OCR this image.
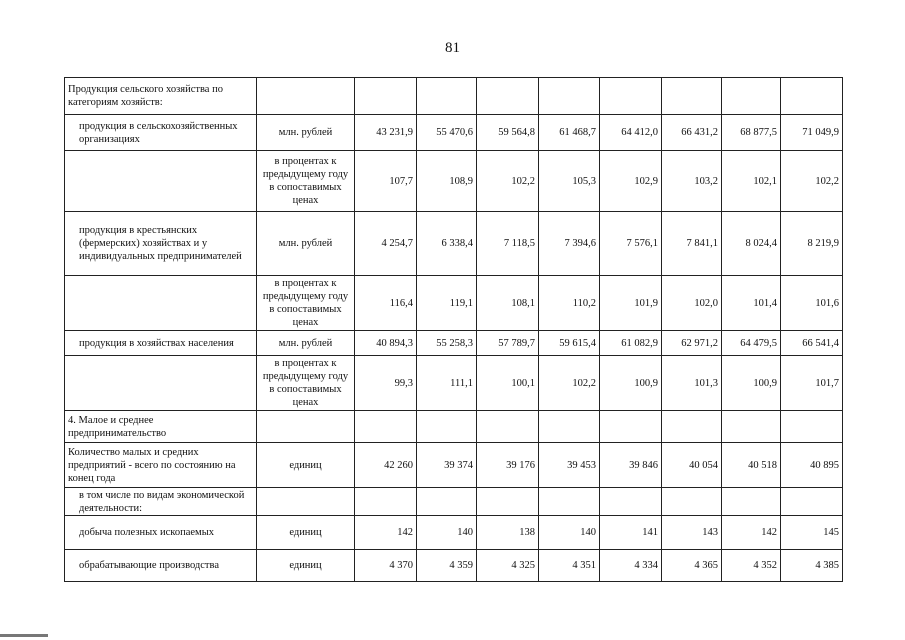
81
Продукция сельского хозяйства по категориям хозяйств:									
продукция в сельскохозяйственных организациях	млн. рублей	43 231,9	55 470,6	59 564,8	61 468,7	64 412,0	66 431,2	68 877,5	71 049,9
	в процентах к предыдущему году в сопоставимых ценах	107,7	108,9	102,2	105,3	102,9	103,2	102,1	102,2
продукция в крестьянских (фермерских) хозяйствах и у индивидуальных предпринимателей	млн. рублей	4 254,7	6 338,4	7 118,5	7 394,6	7 576,1	7 841,1	8 024,4	8 219,9
	в процентах к предыдущему году в сопоставимых ценах	116,4	119,1	108,1	110,2	101,9	102,0	101,4	101,6
продукция в хозяйствах населения	млн. рублей	40 894,3	55 258,3	57 789,7	59 615,4	61 082,9	62 971,2	64 479,5	66 541,4
	в процентах к предыдущему году в сопоставимых ценах	99,3	111,1	100,1	102,2	100,9	101,3	100,9	101,7
4. Малое и среднее предпринимательство									
Количество малых и средних предприятий - всего по состоянию на конец года	единиц	42 260	39 374	39 176	39 453	39 846	40 054	40 518	40 895
в том числе по видам экономической деятельности:									
добыча полезных ископаемых	единиц	142	140	138	140	141	143	142	145
обрабатывающие производства	единиц	4 370	4 359	4 325	4 351	4 334	4 365	4 352	4 385
